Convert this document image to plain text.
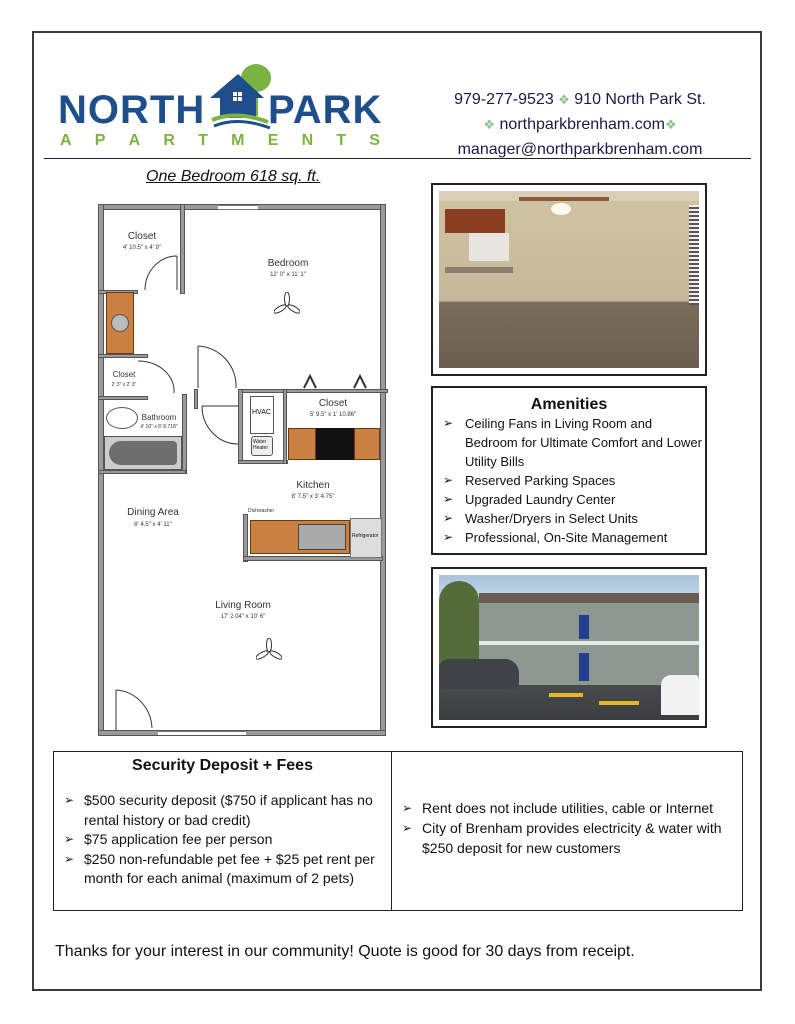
NORTH PARK
A P A R T M E N T S
979-277-9523 ❖ 910 North Park St.
❖ northparkbrenham.com❖
manager@northparkbrenham.com
One Bedroom 618 sq. ft.
HVAC
Water Heater
Refrigerator
Dishwasher
Closet
4' 10.5" x 4' 9"
Bedroom
12' 0" x 11' 1"
Closet
2' 3" x 2' 3"
Bathroom
4' 10" x 8' 8.718"
Closet
5' 9.5" x 1' 10.86"
Kitchen
8' 7.5" x 3' 4.75"
Dining Area
8' 4.5" x 4' 11"
Living Room
17' 2.04" x 10' 6"
Amenities
➢ Ceiling Fans in Living Room and Bedroom for Ultimate Comfort and Lower Utility Bills
➢ Reserved Parking Spaces
➢ Upgraded Laundry Center
➢ Washer/Dryers in Select Units
➢ Professional, On-Site Management
Security Deposit + Fees
➢ $500 security deposit ($750 if applicant has no rental history or bad credit)
➢ $75 application fee per person
➢ $250 non-refundable pet fee + $25 pet rent per month for each animal (maximum of 2 pets)
➢ Rent does not include utilities, cable or Internet
➢ City of Brenham provides electricity & water with $250 deposit for new customers
Thanks for your interest in our community! Quote is good for 30 days from receipt.
